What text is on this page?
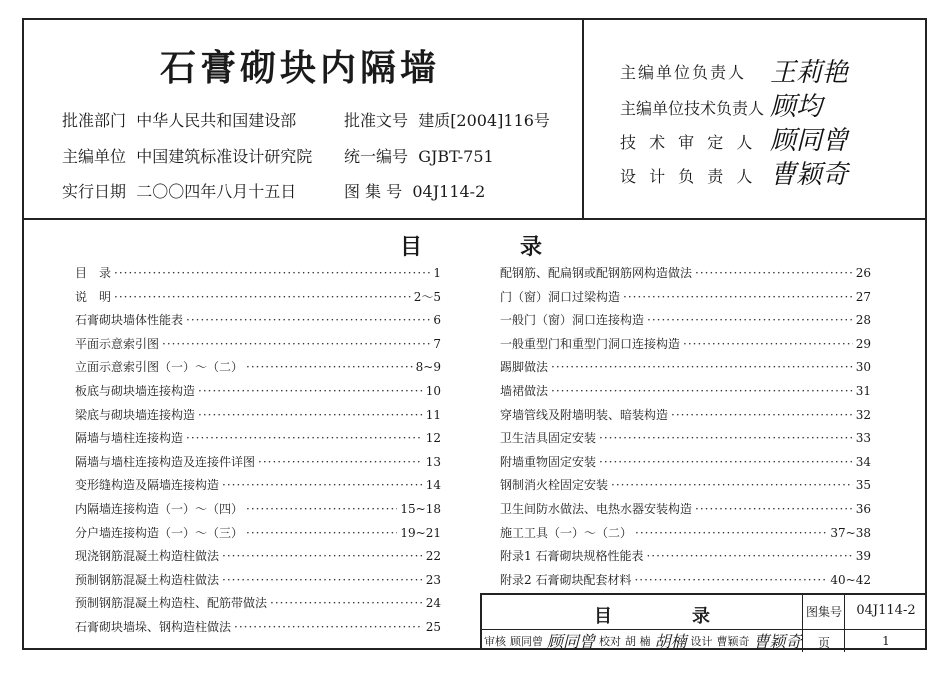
石膏砌块内隔墙
批准部门 中华人民共和国建设部	批准文号 建质[2004]116号
主编单位 中国建筑标准设计研究院 统一编号 GJBT-751
实行日期 二〇〇四年八月十五日	图 集 号 04J114-2
主编单位负责人 王莉艳
主编单位技术负责人 顾均
技 术 审 定 人 顾同曾
设 计 负 责 人 曹颖奇
目	录
目　录 ·····	1
说　明 ·····	2～5
石膏砌块墙体性能表 ·····	6
平面示意索引图 ·····	7
立面示意索引图（一）～（二） ·····	8~9
板底与砌块墙连接构造 ·····	10
梁底与砌块墙连接构造 ·····	11
隔墙与墙柱连接构造 ·····	12
隔墙与墙柱连接构造及连接件详图 ·····	13
变形缝构造及隔墙连接构造 ·····	14
内隔墙连接构造（一）～（四） ·····	15~18
分户墙连接构造（一）～（三） ·····	19~21
现浇钢筋混凝土构造柱做法 ·····	22
预制钢筋混凝土构造柱做法 ·····	23
预制钢筋混凝土构造柱、配筋带做法 ·····	24
石膏砌块墙垛、钢构造柱做法 ·····	25
配钢筋、配扁钢或配钢筋网构造做法 ·····	26
门（窗）洞口过梁构造 ·····	27
一般门（窗）洞口连接构造 ·····	28
一般重型门和重型门洞口连接构造 ·····	29
踢脚做法 ·····	30
墙裙做法 ·····	31
穿墙管线及附墙明装、暗装构造 ·····	32
卫生洁具固定安装 ·····	33
附墙重物固定安装 ·····	34
钢制消火栓固定安装 ·····	35
卫生间防水做法、电热水器安装构造 ·····	36
施工工具（一）～（二） ·····	37~38
附录1 石膏砌块规格性能表 ·····	39
附录2 石膏砌块配套材料 ·····	40~42
目	录	图集号	04J114-2
页	1
审核 顾同曾 顾同曾 校对 胡 楠 胡楠 设计 曹颖奇 曹颖奇
